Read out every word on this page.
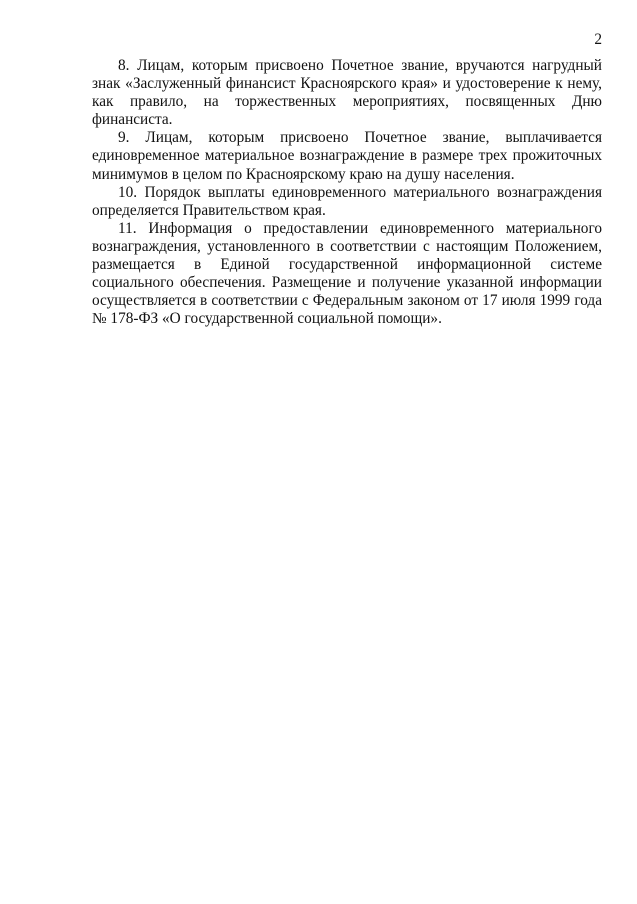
2

8. Лицам, которым присвоено Почетное звание, вручаются нагрудный знак «Заслуженный финансист Красноярского края» и удостоверение к нему, как правило, на торжественных мероприятиях, посвященных Дню финансиста.

9. Лицам, которым присвоено Почетное звание, выплачивается единовременное материальное вознаграждение в размере трех прожиточных минимумов в целом по Красноярскому краю на душу населения.

10. Порядок выплаты единовременного материального вознаграждения определяется Правительством края.

11. Информация о предоставлении единовременного материального вознаграждения, установленного в соответствии с настоящим Положением, размещается в Единой государственной информационной системе социального обеспечения. Размещение и получение указанной информации осуществляется в соответствии с Федеральным законом от 17 июля 1999 года № 178-ФЗ «О государственной социальной помощи».
